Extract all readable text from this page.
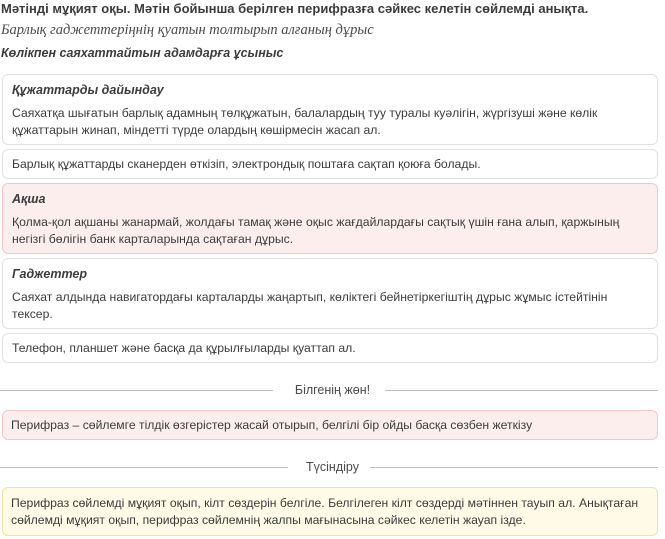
Мәтінді мұқият оқы. Мәтін бойынша берілген перифразға сәйкес келетін сөйлемді анықта.
Барлық гаджеттеріңнің қуатын толтырып алғаның дұрыс
Көлікпен саяхаттайтын адамдарға ұсыныс
Құжаттарды дайындау
Саяхатқа шығатын барлық адамның төлқұжатын, балалардың туу туралы куәлігін, жүргізуші және көлік құжаттарын жинап, міндетті түрде олардың көшірмесін жасап ал.
Барлық құжаттарды сканерден өткізіп, электрондық поштаға сақтап қоюға болады.
Ақша
Қолма-қол ақшаны жанармай, жолдағы тамақ және оқыс жағдайлардағы сақтық үшін ғана алып, қаржының негізгі бөлігін банк карталарында сақтаған дұрыс.
Гаджеттер
Саяхат алдында навигатордағы карталарды жаңартып, көліктегі бейнетіркегіштің дұрыс жұмыс істейтінін тексер.
Телефон, планшет және басқа да құрылғыларды қуаттап ал.
Білгенің жөн!
Перифраз – сөйлемге тілдік өзгерістер жасай отырып, белгілі бір ойды басқа сөзбен жеткізу
Түсіндіру
Перифраз сөйлемді мұқият оқып, кілт сөздерін белгіле. Белгілеген кілт сөздерді мәтіннен тауып ал. Анықтаған сөйлемді мұқият оқып, перифраз сөйлемнің жалпы мағынасына сәйкес келетін жауап ізде.
